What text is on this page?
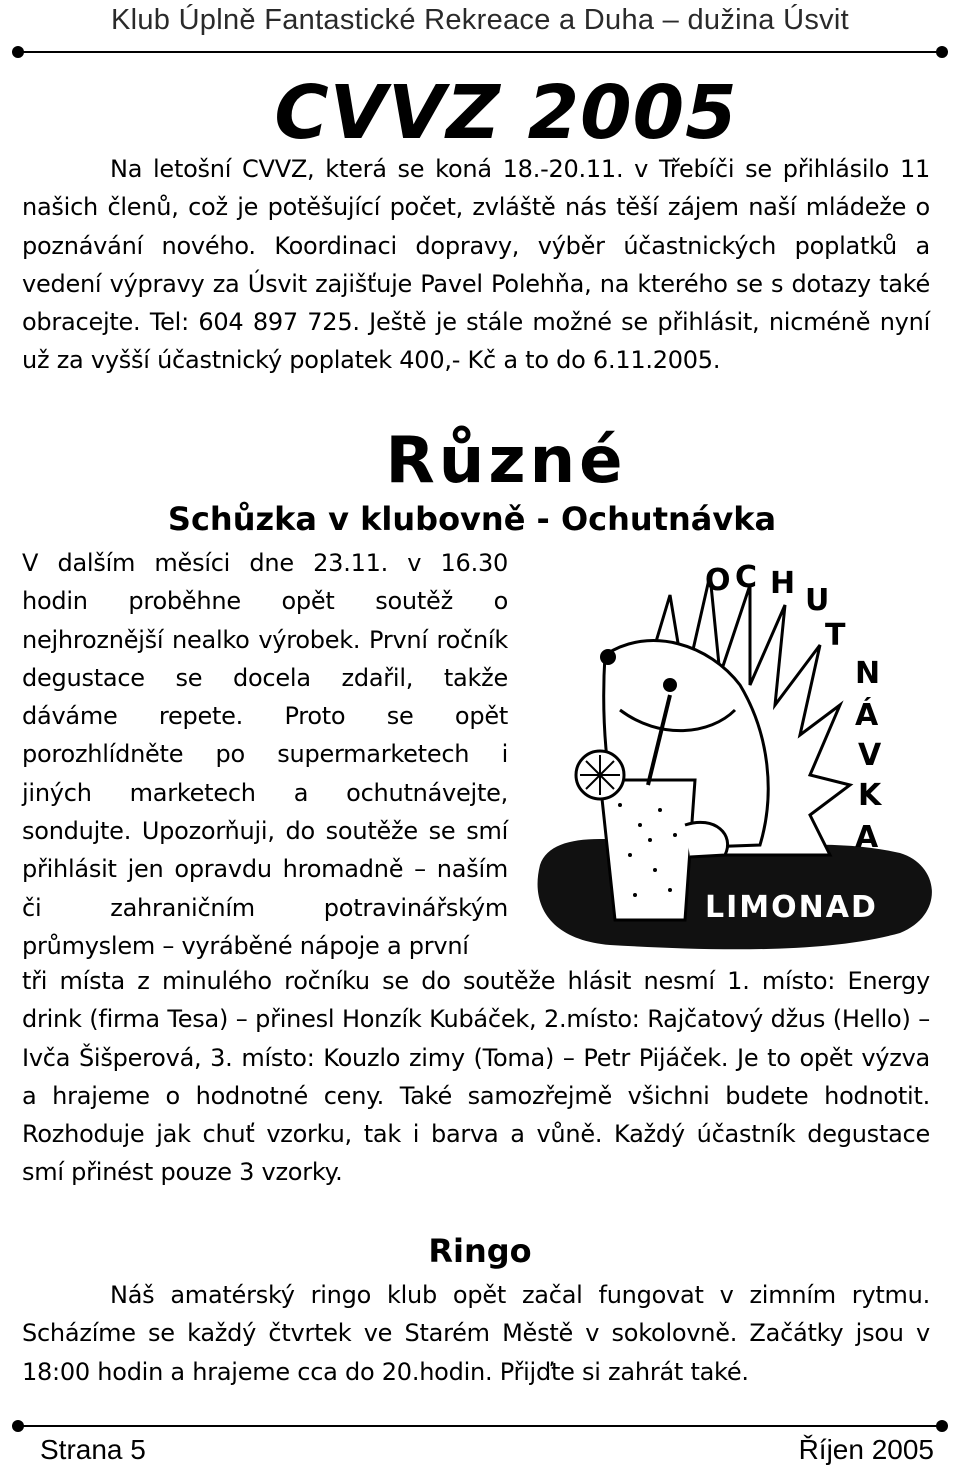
Klub Úplně Fantastické Rekreace a Duha – dužina Úsvit
CVVZ 2005
Na letošní CVVZ, která se koná 18.-20.11. v Třebíči se přihlásilo 11 našich členů, což je potěšující počet, zvláště nás těší zájem naší mládeže o poznávání nového. Koordinaci dopravy, výběr účastnických poplatků a vedení výpravy za Úsvit zajišťuje Pavel Polehňa, na kterého se s dotazy také obracejte. Tel: 604 897 725. Ještě je stále možné se přihlásit, nicméně nyní už za vyšší účastnický poplatek 400,- Kč a to do 6.11.2005.
Různé
Schůzka v klubovně - Ochutnávka
V dalším měsíci dne 23.11. v 16.30 hodin proběhne opět soutěž o nejhroznější nealko výrobek. První ročník degustace se docela zdařil, takže dáváme repete. Proto se opět porozhlídněte po supermarketech i jiných marketech a ochutnávejte, sondujte. Upozorňuji, do soutěže se smí přihlásit jen opravdu hromadně – naším či zahraničním potravinářským průmyslem – vyráběné nápoje a první
O C H U
T
N
Á
V
K
A
LIMONAD
tři místa z minulého ročníku se do soutěže hlásit nesmí 1. místo: Energy drink (firma Tesa) – přinesl Honzík Kubáček, 2.místo: Rajčatový džus (Hello) – Ivča Šišperová, 3. místo: Kouzlo zimy (Toma) – Petr Pijáček. Je to opět výzva a hrajeme o hodnotné ceny. Také samozřejmě všichni budete hodnotit. Rozhoduje jak chuť vzorku, tak i barva a vůně. Každý účastník degustace smí přinést pouze 3 vzorky.
Ringo
Náš amatérský ringo klub opět začal fungovat v zimním rytmu. Scházíme se každý čtvrtek ve Starém Městě v sokolovně. Začátky jsou v 18:00 hodin a hrajeme cca do 20.hodin. Přijďte si zahrát také.
Strana 5	Říjen 2005
